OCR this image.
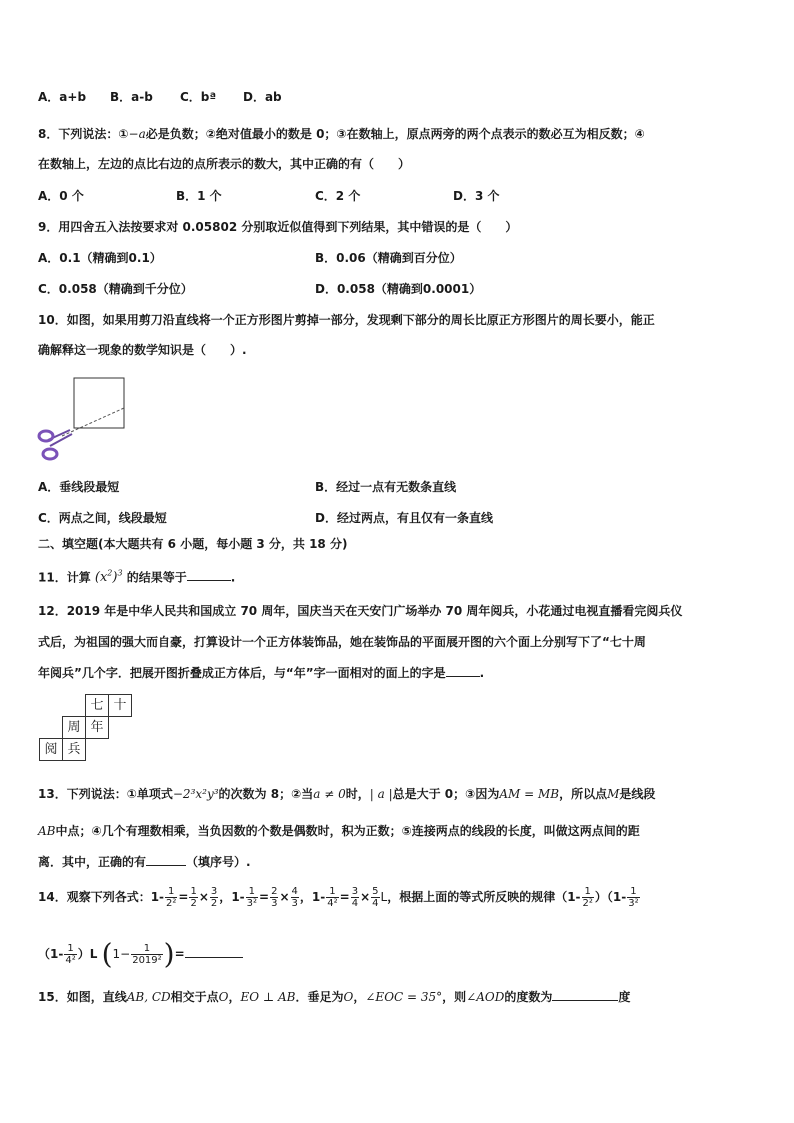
A．a+b B．a-b C．bª D．ab
8．下列说法：①−a必是负数；②绝对值最小的数是 0；③在数轴上，原点两旁的两个点表示的数必互为相反数；④
在数轴上，左边的点比右边的点所表示的数大，其中正确的有（　　）
A．0 个	B．1 个	C．2 个	D．3 个
9．用四舍五入法按要求对 0.05802 分别取近似值得到下列结果，其中错误的是（　　）
A．0.1（精确到0.1）	B．0.06（精确到百分位）
C．0.058（精确到千分位）	D．0.058（精确到0.0001）
10．如图，如果用剪刀沿直线将一个正方形图片剪掉一部分，发现剩下部分的周长比原正方形图片的周长要小，能正
确解释这一现象的数学知识是（　　）.
A．垂线段最短	B．经过一点有无数条直线
C．两点之间，线段最短	D．经过两点，有且仅有一条直线
二、填空题(本大题共有 6 小题，每小题 3 分，共 18 分)
11．计算 $(x^2)^3$ 的结果等于	.
12．2019 年是中华人民共和国成立 70 周年，国庆当天在天安门广场举办 70 周年阅兵，小花通过电视直播看完阅兵仪
式后，为祖国的强大而自豪，打算设计一个正方体装饰品，她在装饰品的平面展开图的六个面上分别写下了“七十周
年阅兵”几个字．把展开图折叠成正方体后，与“年”字一面相对的面上的字是	.
七 十
周 年
阅 兵
13．下列说法：①单项式−2³x²y³的次数为 8；②当a ≠ 0时，| a |总是大于 0；③因为AM = MB，所以点M是线段
AB中点；④几个有理数相乘，当负因数的个数是偶数时，积为正数；⑤连接两点的线段的长度，叫做这两点间的距
离．其中，正确的有	（填序号）.
14．观察下列各式：$1- \frac{1}{\text{2²}} = \frac{1}{2} \times \frac{3}{2}$ ，$1- \frac{1}{\text{3²}} = \frac{2}{3} \times \frac{4}{3}$ ，$1- \frac{1}{\text{4²}} = \frac{3}{4} \times \frac{5}{4}$ L，根据上面的等式所反映的规律$(1- \frac{1}{\text{2²}} )(1- \frac{1}{\text{3²}}$
$(1- \frac{1}{\text{4²}} )L$ ($1- \frac{1}{\text{2019²}}$ )=
15．如图，直线AB, CD相交于点O，EO ⊥ AB．垂足为O，∠EOC = 35°，则∠AOD的度数为	度
